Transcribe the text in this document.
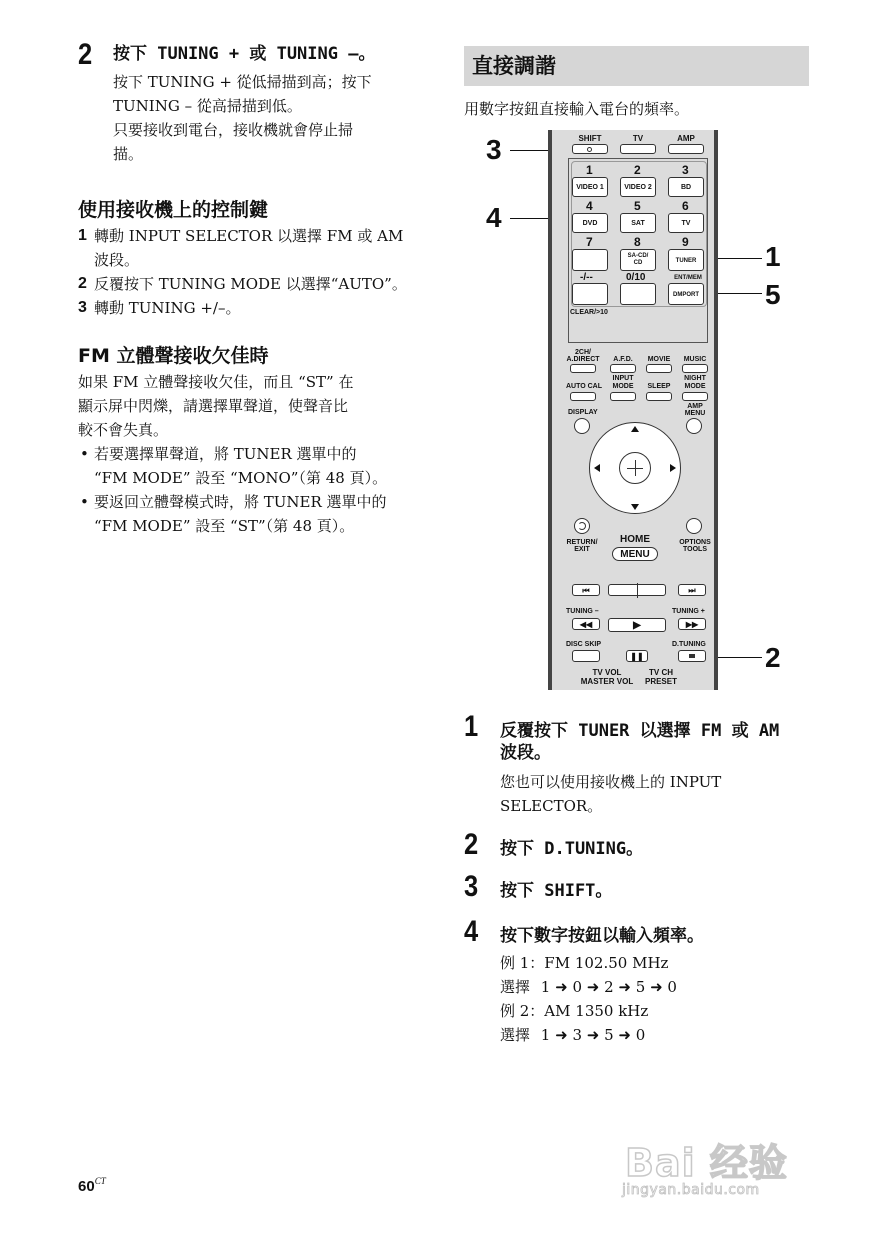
2 按下 TUNING + 或 TUNING –。
按下 TUNING + 從低掃描到高；按下
TUNING – 從高掃描到低。
只要接收到電台，接收機就會停止掃
描。
使用接收機上的控制鍵
1 轉動 INPUT SELECTOR 以選擇 FM 或 AM
波段。
2 反覆按下 TUNING MODE 以選擇“AUTO”。
3 轉動 TUNING +/–。
FM 立體聲接收欠佳時
如果 FM 立體聲接收欠佳，而且 “ST” 在
顯示屏中閃爍，請選擇單聲道，使聲音比
較不會失真。
• 若要選擇單聲道，將 TUNER 選單中的
“FM MODE” 設至 “MONO”（第 48 頁）。
• 要返回立體聲模式時，將 TUNER 選單中的
“FM MODE” 設至 “ST”（第 48 頁）。
直接調諧
用數字按鈕直接輸入電台的頻率。
3
4
1
5
2
SHIFT	TV	AMP
1	2	3
VIDEO 1	VIDEO 2	BD
4	5	6
DVD	SAT	TV
7	8	9
SA-CD/
CD	TUNER
-/--	0/10	ENT/MEM
DMPORT
CLEAR/>10
2CH/
A.DIRECT	A.F.D.	MOVIE	MUSIC
INPUT	NIGHT
AUTO CAL	MODE	SLEEP	MODE
DISPLAY
AMP
MENU
RETURN/
EXIT
HOME
MENU
OPTIONS
TOOLS
⏮	⏭
TUNING –	TUNING +
◀◀	▶	▶▶
DISC SKIP	D.TUNING
❚❚
TV VOL	TV CH
MASTER VOL	PRESET
1 反覆按下 TUNER 以選擇 FM 或 AM
波段。
您也可以使用接收機上的 INPUT
SELECTOR。
2 按下 D.TUNING。
3 按下 SHIFT。
4 按下數字按鈕以輸入頻率。
例 1：FM 102.50 MHz
選擇 1 ➜ 0 ➜ 2 ➜ 5 ➜ 0
例 2：AM 1350 kHz
選擇 1 ➜ 3 ➜ 5 ➜ 0
60$^{CT}$	Bai 经验
jingyan.baidu.com
